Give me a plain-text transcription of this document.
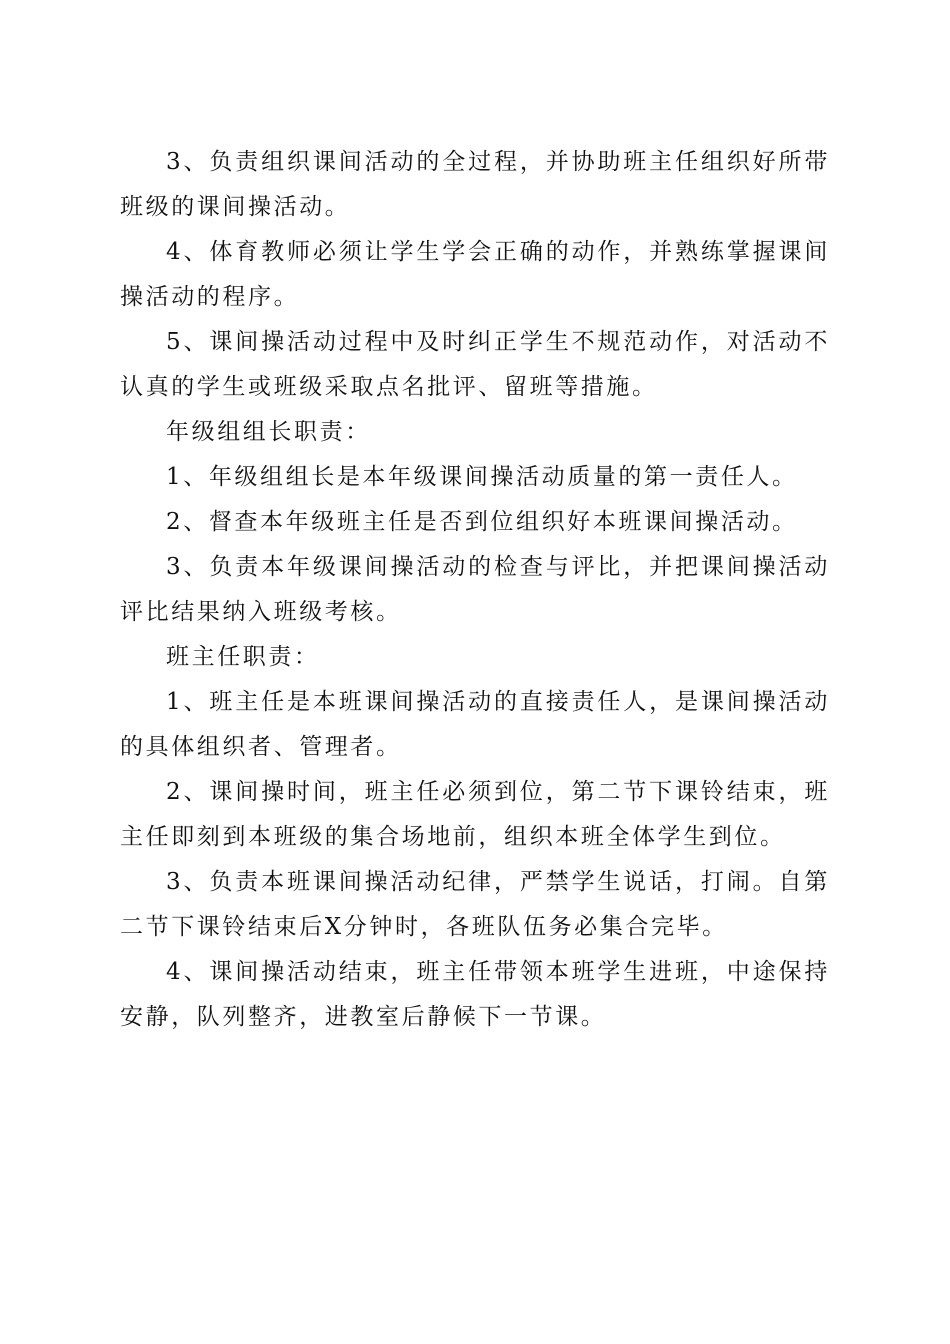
3、负责组织课间活动的全过程，并协助班主任组织好所带班级的课间操活动。

4、体育教师必须让学生学会正确的动作，并熟练掌握课间操活动的程序。

5、课间操活动过程中及时纠正学生不规范动作，对活动不认真的学生或班级采取点名批评、留班等措施。

年级组组长职责：

1、年级组组长是本年级课间操活动质量的第一责任人。

2、督查本年级班主任是否到位组织好本班课间操活动。

3、负责本年级课间操活动的检查与评比，并把课间操活动评比结果纳入班级考核。

班主任职责：

1、班主任是本班课间操活动的直接责任人，是课间操活动的具体组织者、管理者。

2、课间操时间，班主任必须到位，第二节下课铃结束，班主任即刻到本班级的集合场地前，组织本班全体学生到位。

3、负责本班课间操活动纪律，严禁学生说话，打闹。自第二节下课铃结束后X分钟时，各班队伍务必集合完毕。

4、课间操活动结束，班主任带领本班学生进班，中途保持安静，队列整齐，进教室后静候下一节课。
